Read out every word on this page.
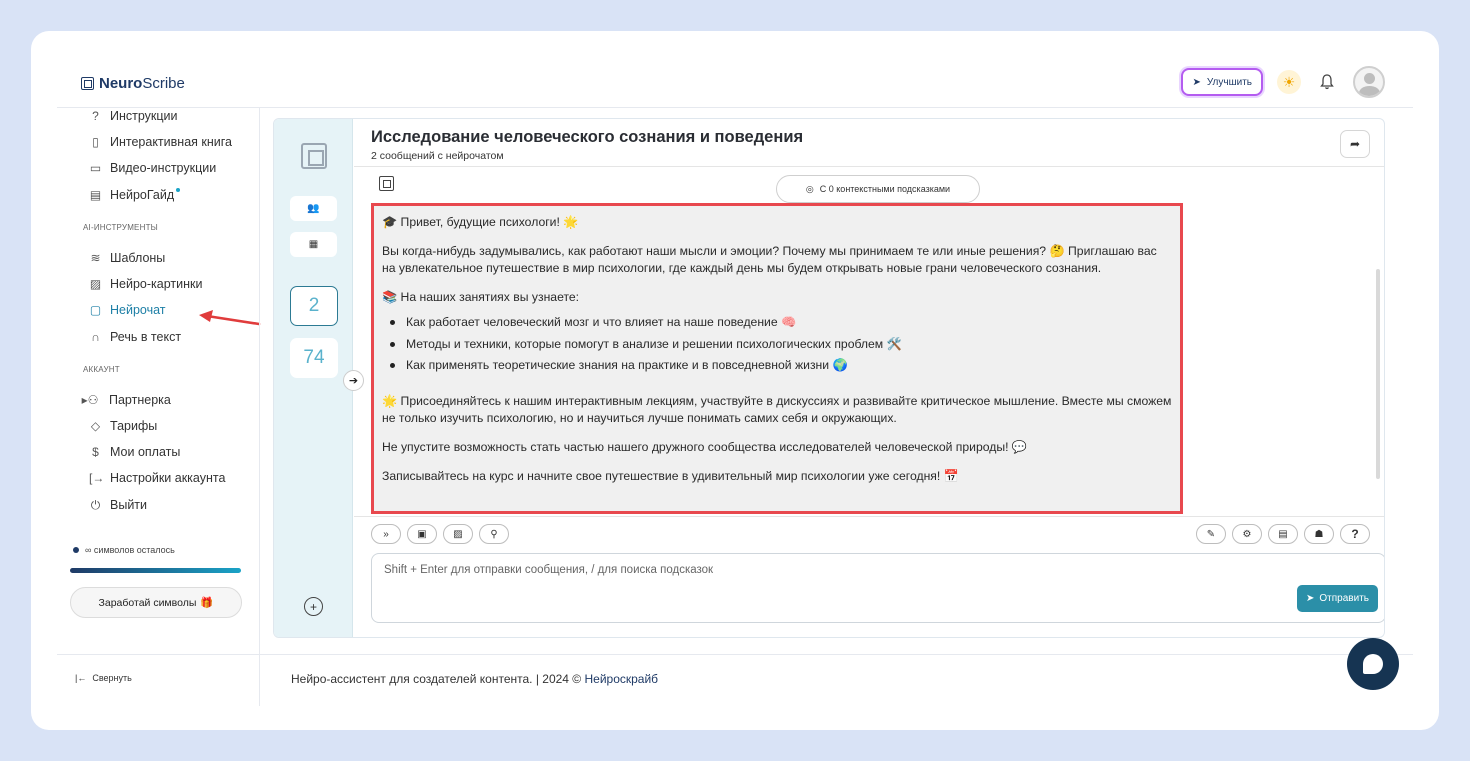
NeuroScribe	➤ Улучшить	☀
? Инструкции
▯ Интерактивная книга
▭ Видео-инструкции
▤ НейроГайд
AI-ИНСТРУМЕНТЫ
≋ Шаблоны
▨ Нейро-картинки
▢ Нейрочат
∩ Речь в текст
АККАУНТ
▸⚇ Партнерка
◇ Тарифы
$ Мои оплаты
[→ Настройки аккаунта
⏻ Выйти
∞ символов осталось
Заработай символы 🎁
👥
▦
2
74
+
➔
Исследование человеческого сознания и поведения
2 сообщений с нейрочатом
➦
◎ С 0 контекстными подсказками

🎓 Привет, будущие психологи! 🌟

Вы когда-нибудь задумывались, как работают наши мысли и эмоции? Почему мы принимаем те или иные решения? 🤔 Приглашаю вас на увлекательное путешествие в мир психологии, где каждый день мы будем открывать новые грани человеческого сознания.

📚 На наших занятиях вы узнаете:

Как работает человеческий мозг и что влияет на наше поведение 🧠
Методы и техники, которые помогут в анализе и решении психологических проблем 🛠️
Как применять теоретические знания на практике и в повседневной жизни 🌍

🌟 Присоединяйтесь к нашим интерактивным лекциям, участвуйте в дискуссиях и развивайте критическое мышление. Вместе мы сможем не только изучить психологию, но и научиться лучше понимать самих себя и окружающих.

Не упустите возможность стать частью нашего дружного сообщества исследователей человеческой природы! 💬

Записывайтесь на курс и начните свое путешествие в удивительный мир психологии уже сегодня! 📅

»	▣	▨	⚲	✎	⚙	▤	☗	?
Shift + Enter для отправки сообщения, / для поиска подсказок
➤ Отправить
|← Свернуть	Нейро-ассистент для создателей контента. | 2024 © Нейроскрайб
